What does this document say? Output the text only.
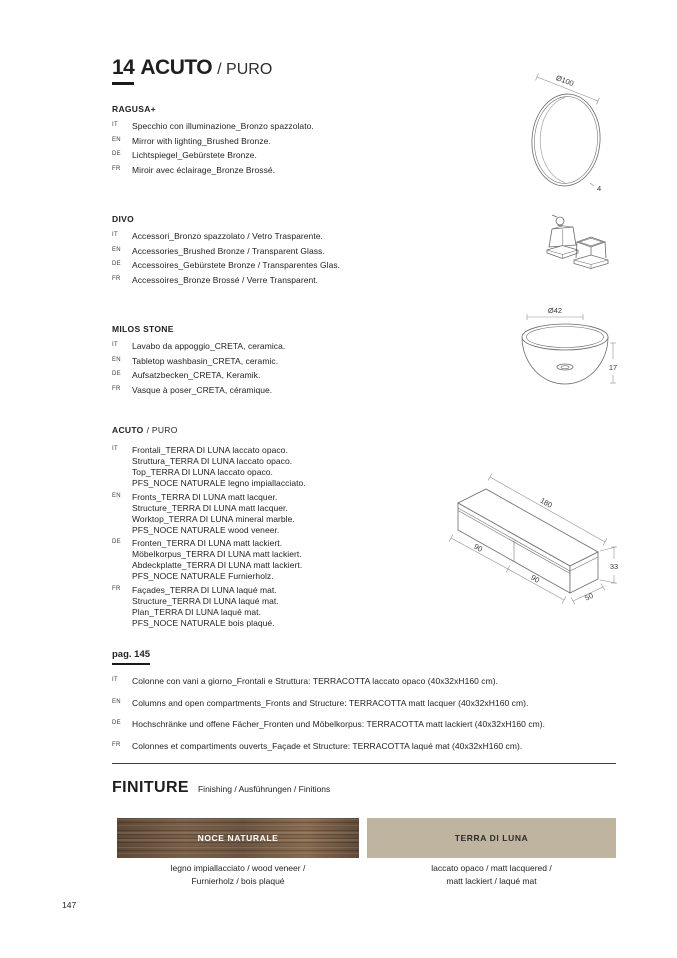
14 ACUTO / PURO
RAGUSA+
IT	Specchio con illuminazione_Bronzo spazzolato.
EN	Mirror with lighting_Brushed Bronze.
DE	Lichtspiegel_Gebürstete Bronze.
FR	Miroir avec éclairage_Bronze Brossé.
DIVO
IT	Accessori_Bronzo spazzolato / Vetro Trasparente.
EN	Accessories_Brushed Bronze / Transparent Glass.
DE	Accessoires_Gebürstete Bronze / Transparentes Glas.
FR	Accessoires_Bronze Brossé / Verre Transparent.
MILOS STONE
IT	Lavabo da appoggio_CRETA, ceramica.
EN	Tabletop washbasin_CRETA, ceramic.
DE	Aufsatzbecken_CRETA, Keramik.
FR	Vasque à poser_CRETA, céramique.
ACUTO / PURO
IT	Frontali_TERRA DI LUNA laccato opaco.
Struttura_TERRA DI LUNA laccato opaco.
Top_TERRA DI LUNA laccato opaco.
PFS_NOCE NATURALE legno impiallacciato.
EN	Fronts_TERRA DI LUNA matt lacquer.
Structure_TERRA DI LUNA matt lacquer.
Worktop_TERRA DI LUNA mineral marble.
PFS_NOCE NATURALE wood veneer.
DE	Fronten_TERRA DI LUNA matt lackiert.
Möbelkorpus_TERRA DI LUNA matt lackiert.
Abdeckplatte_TERRA DI LUNA matt lackiert.
PFS_NOCE NATURALE Furnierholz.
FR	Façades_TERRA DI LUNA laqué mat.
Structure_TERRA DI LUNA laqué mat.
Plan_TERRA DI LUNA laqué mat.
PFS_NOCE NATURALE bois plaqué.
pag. 145
IT	Colonne con vani a giorno_Frontali e Struttura: TERRACOTTA laccato opaco (40x32xH160 cm).
EN	Columns and open compartments_Fronts and Structure: TERRACOTTA matt lacquer (40x32xH160 cm).
DE	Hochschränke und offene Fächer_Fronten und Möbelkorpus: TERRACOTTA matt lackiert (40x32xH160 cm).
FR	Colonnes et compartiments ouverts_Façade et Structure: TERRACOTTA laqué mat (40x32xH160 cm).
FINITURE Finishing / Ausführungen / Finitions
NOCE NATURALE	TERRA DI LUNA
legno impiallacciato / wood veneer /
Furnierholz / bois plaqué
laccato opaco / matt lacquered /
matt lackiert / laqué mat
147
Ø100
4
Ø42
17
180
90
90
33
50
